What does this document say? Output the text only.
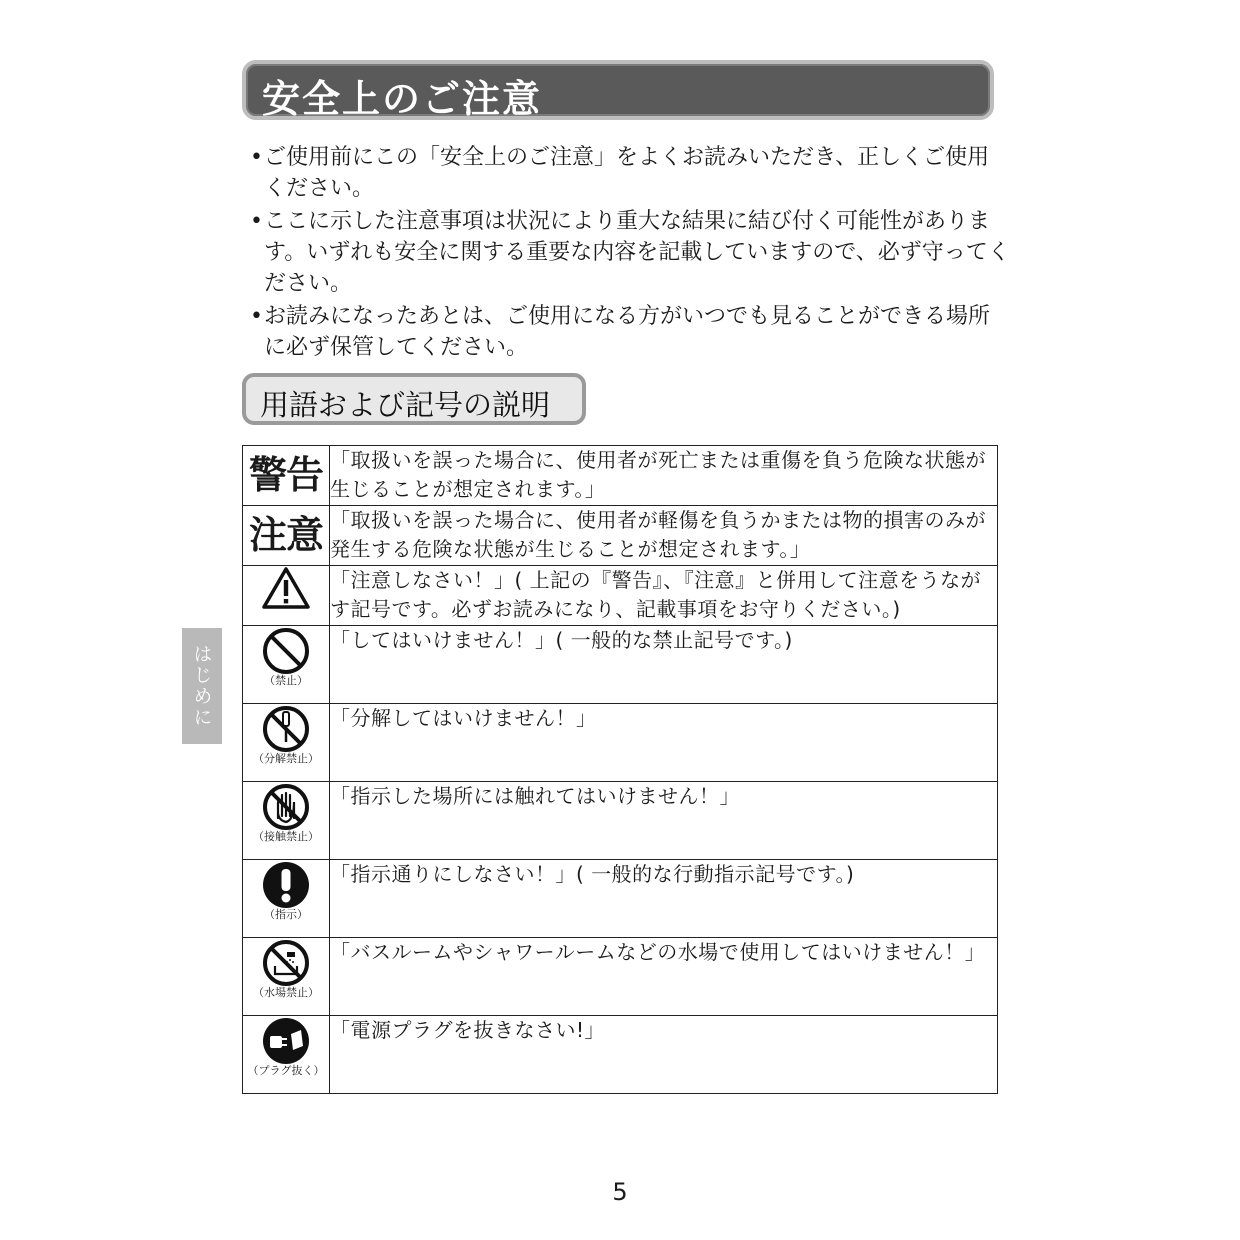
安全上のご注意
• ご使用前にこの「安全上のご注意」をよくお読みいただき、正しくご使用ください。
• ここに示した注意事項は状況により重大な結果に結び付く可能性があります。いずれも安全に関する重要な内容を記載していますので、必ず守ってください。
• お読みになったあとは、ご使用になる方がいつでも見ることができる場所に必ず保管してください。
用語および記号の説明
はじめに
警告	「取扱いを誤った場合に、使用者が死亡または重傷を負う危険な状態が生じることが想定されます。」

注意	「取扱いを誤った場合に、使用者が軽傷を負うかまたは物的損害のみが発生する危険な状態が生じることが想定されます。」

	「注意しなさい！」( 上記の『警告』、『注意』と併用して注意をうながす記号です。必ずお読みになり、記載事項をお守りください。)

（禁止）	「してはいけません！」( 一般的な禁止記号です。)

（分解禁止）	「分解してはいけません！」

（接触禁止）	「指示した場所には触れてはいけません！」

（指示）	「指示通りにしなさい！」( 一般的な行動指示記号です。)

（水場禁止）	「バスルームやシャワールームなどの水場で使用してはいけません！」

（プラグ抜く）	「電源プラグを抜きなさい!」
5
